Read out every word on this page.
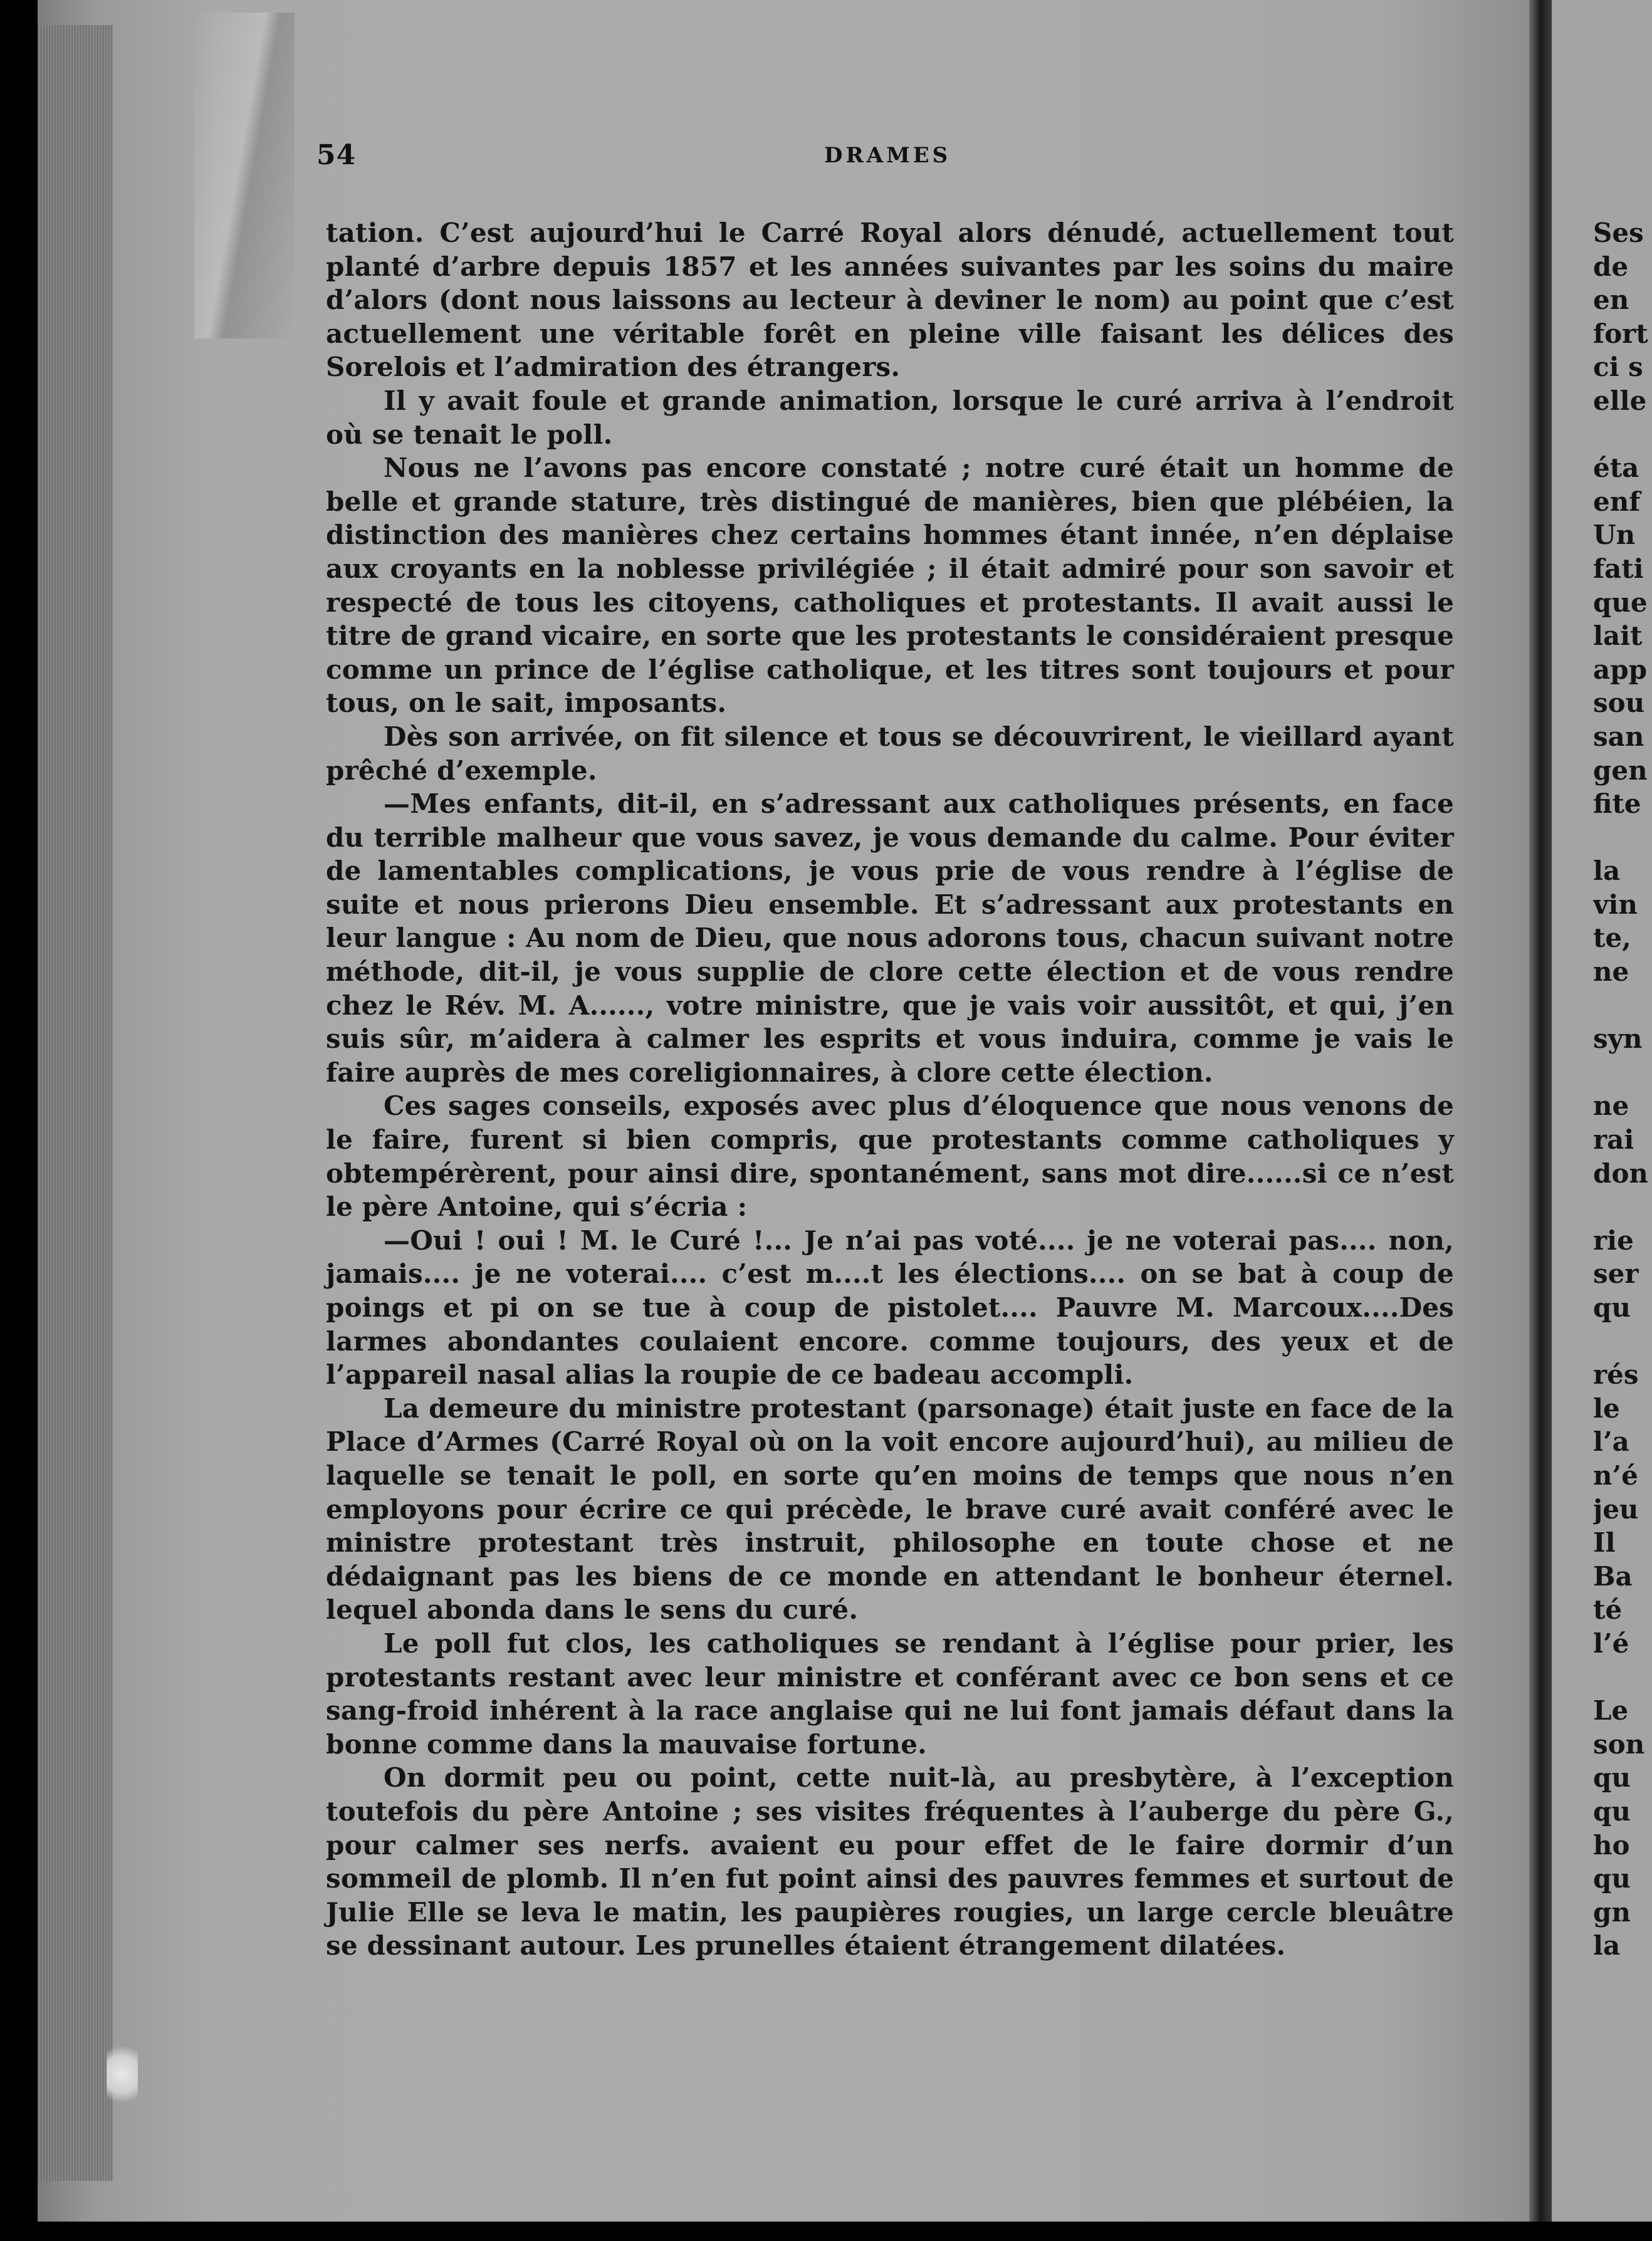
54	DRAMES

tation. C’est aujourd’hui le Carré Royal alors dénudé, actuellement tout planté d’arbre depuis 1857 et les années suivantes par les soins du maire d’alors (dont nous laissons au lecteur à deviner le nom) au point que c’est actuellement une véritable forêt en pleine ville faisant les délices des Sorelois et l’admiration des étrangers.

Il y avait foule et grande animation, lorsque le curé arriva à l’endroit où se tenait le poll.

Nous ne l’avons pas encore constaté ; notre curé était un homme de belle et grande stature, très distingué de manières, bien que plébéien, la distinction des manières chez certains hommes étant innée, n’en déplaise aux croyants en la noblesse privilégiée ; il était admiré pour son savoir et respecté de tous les citoyens, catholiques et protestants. Il avait aussi le titre de grand vicaire, en sorte que les protestants le considéraient presque comme un prince de l’église catholique, et les titres sont toujours et pour tous, on le sait, imposants.

Dès son arrivée, on fit silence et tous se découvrirent, le vieillard ayant prêché d’exemple.

—Mes enfants, dit-il, en s’adressant aux catholiques présents, en face du terrible malheur que vous savez, je vous demande du calme. Pour éviter de lamentables complications, je vous prie de vous rendre à l’église de suite et nous prierons Dieu ensemble. Et s’adressant aux protestants en leur langue : Au nom de Dieu, que nous adorons tous, chacun suivant notre méthode, dit-il, je vous supplie de clore cette élection et de vous rendre chez le Rév. M. A......, votre ministre, que je vais voir aussitôt, et qui, j’en suis sûr, m’aidera à calmer les esprits et vous induira, comme je vais le faire auprès de mes coreligionnaires, à clore cette élection.

Ces sages conseils, exposés avec plus d’éloquence que nous venons de le faire, furent si bien compris, que protestants comme catholiques y obtempérèrent, pour ainsi dire, spontanément, sans mot dire......si ce n’est le père Antoine, qui s’écria :

—Oui ! oui ! M. le Curé !... Je n’ai pas voté.... je ne voterai pas.... non, jamais.... je ne voterai.... c’est m....t les élections.... on se bat à coup de poings et pi on se tue à coup de pistolet.... Pauvre M. Marcoux....Des larmes abondantes coulaient encore. comme toujours, des yeux et de l’appareil nasal alias la roupie de ce badeau accompli.

La demeure du ministre protestant (parsonage) était juste en face de la Place d’Armes (Carré Royal où on la voit encore aujourd’hui), au milieu de laquelle se tenait le poll, en sorte qu’en moins de temps que nous n’en employons pour écrire ce qui précède, le brave curé avait conféré avec le ministre protestant très instruit, philosophe en toute chose et ne dédaignant pas les biens de ce monde en attendant le bonheur éternel. lequel abonda dans le sens du curé.

Le poll fut clos, les catholiques se rendant à l’église pour prier, les protestants restant avec leur ministre et conférant avec ce bon sens et ce sang-froid inhérent à la race anglaise qui ne lui font jamais défaut dans la bonne comme dans la mauvaise fortune.

On dormit peu ou point, cette nuit-là, au presbytère, à l’exception toutefois du père Antoine ; ses visites fréquentes à l’auberge du père G., pour calmer ses nerfs. avaient eu pour effet de le faire dormir d’un sommeil de plomb. Il n’en fut point ainsi des pauvres femmes et surtout de Julie Elle se leva le matin, les paupières rougies, un large cercle bleuâtre se dessinant autour. Les prunelles étaient étrangement dilatées.

Ses
de
en
fort
ci s
elle
éta
enf
Un
fati
que
lait
app
sou
san
gen
fite
la
vin
te,
ne
syn
ne
rai
don
rie
ser
qu
rés
le
l’a
n’é
jeu
Il
Ba
té
l’é
Le
son
qu
qu
ho
qu
gn
la
